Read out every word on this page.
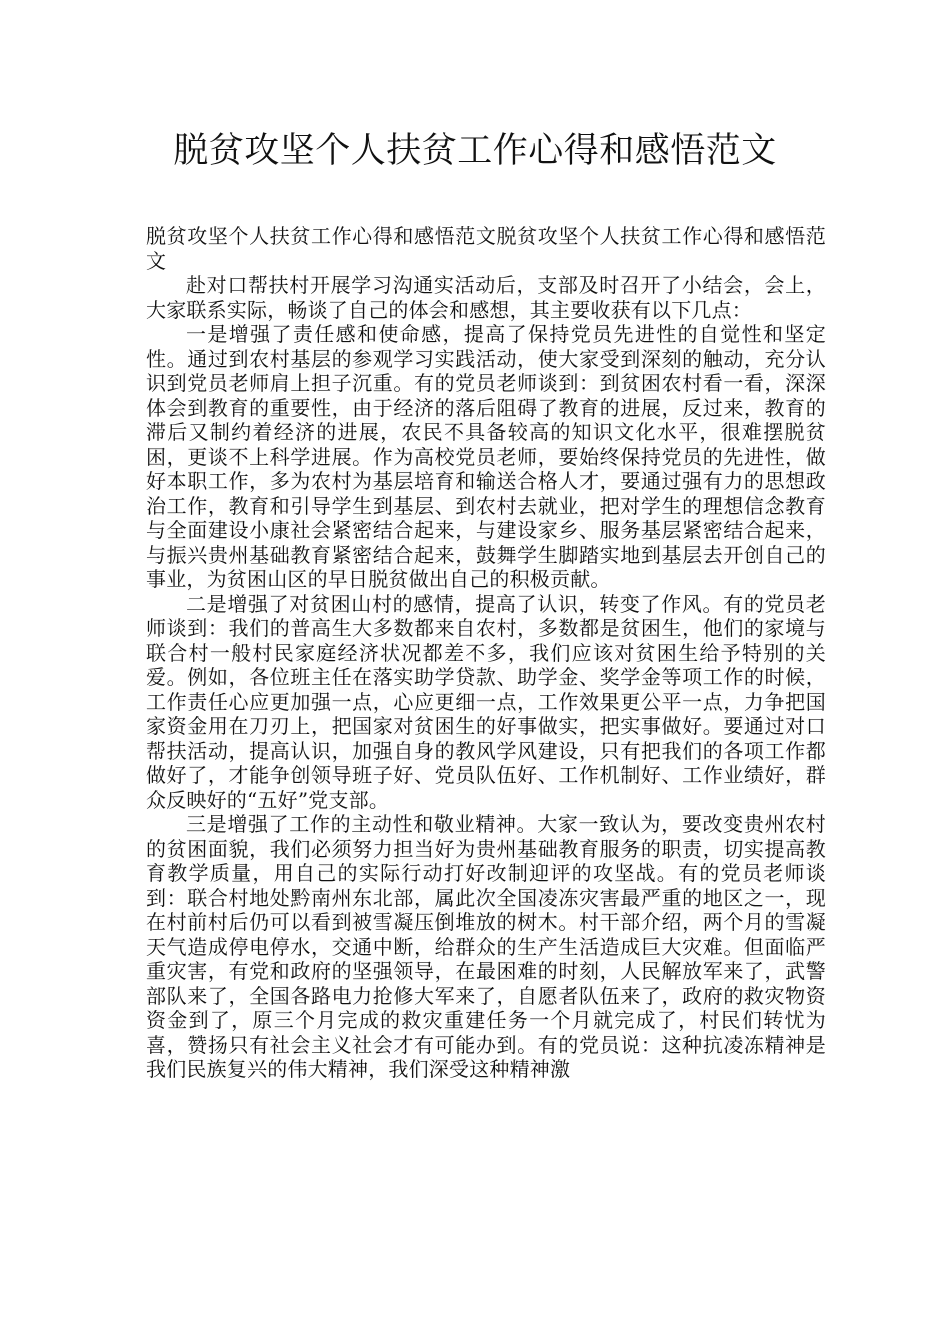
脱贫攻坚个人扶贫工作心得和感悟范文

脱贫攻坚个人扶贫工作心得和感悟范文脱贫攻坚个人扶贫工作心得和感悟范文

赴对口帮扶村开展学习沟通实活动后，支部及时召开了小结会，会上，大家联系实际，畅谈了自己的体会和感想，其主要收获有以下几点：

一是增强了责任感和使命感，提高了保持党员先进性的自觉性和坚定性。通过到农村基层的参观学习实践活动，使大家受到深刻的触动，充分认识到党员老师肩上担子沉重。有的党员老师谈到：到贫困农村看一看，深深体会到教育的重要性，由于经济的落后阻碍了教育的进展，反过来，教育的滞后又制约着经济的进展，农民不具备较高的知识文化水平，很难摆脱贫困，更谈不上科学进展。作为高校党员老师，要始终保持党员的先进性，做好本职工作，多为农村为基层培育和输送合格人才，要通过强有力的思想政治工作，教育和引导学生到基层、到农村去就业，把对学生的理想信念教育与全面建设小康社会紧密结合起来，与建设家乡、服务基层紧密结合起来，与振兴贵州基础教育紧密结合起来，鼓舞学生脚踏实地到基层去开创自己的事业，为贫困山区的早日脱贫做出自己的积极贡献。

二是增强了对贫困山村的感情，提高了认识，转变了作风。有的党员老师谈到：我们的普高生大多数都来自农村，多数都是贫困生，他们的家境与联合村一般村民家庭经济状况都差不多，我们应该对贫困生给予特别的关爱。例如，各位班主任在落实助学贷款、助学金、奖学金等项工作的时候，工作责任心应更加强一点，心应更细一点，工作效果更公平一点，力争把国家资金用在刀刃上，把国家对贫困生的好事做实，把实事做好。要通过对口帮扶活动，提高认识，加强自身的教风学风建设，只有把我们的各项工作都做好了，才能争创领导班子好、党员队伍好、工作机制好、工作业绩好，群众反映好的“五好”党支部。

三是增强了工作的主动性和敬业精神。大家一致认为，要改变贵州农村的贫困面貌，我们必须努力担当好为贵州基础教育服务的职责，切实提高教育教学质量，用自己的实际行动打好改制迎评的攻坚战。有的党员老师谈到：联合村地处黔南州东北部，属此次全国凌冻灾害最严重的地区之一，现在村前村后仍可以看到被雪凝压倒堆放的树木。村干部介绍，两个月的雪凝天气造成停电停水，交通中断，给群众的生产生活造成巨大灾难。但面临严重灾害，有党和政府的坚强领导，在最困难的时刻，人民解放军来了，武警部队来了，全国各路电力抢修大军来了，自愿者队伍来了，政府的救灾物资资金到了，原三个月完成的救灾重建任务一个月就完成了，村民们转忧为喜，赞扬只有社会主义社会才有可能办到。有的党员说：这种抗凌冻精神是我们民族复兴的伟大精神，我们深受这种精神激
